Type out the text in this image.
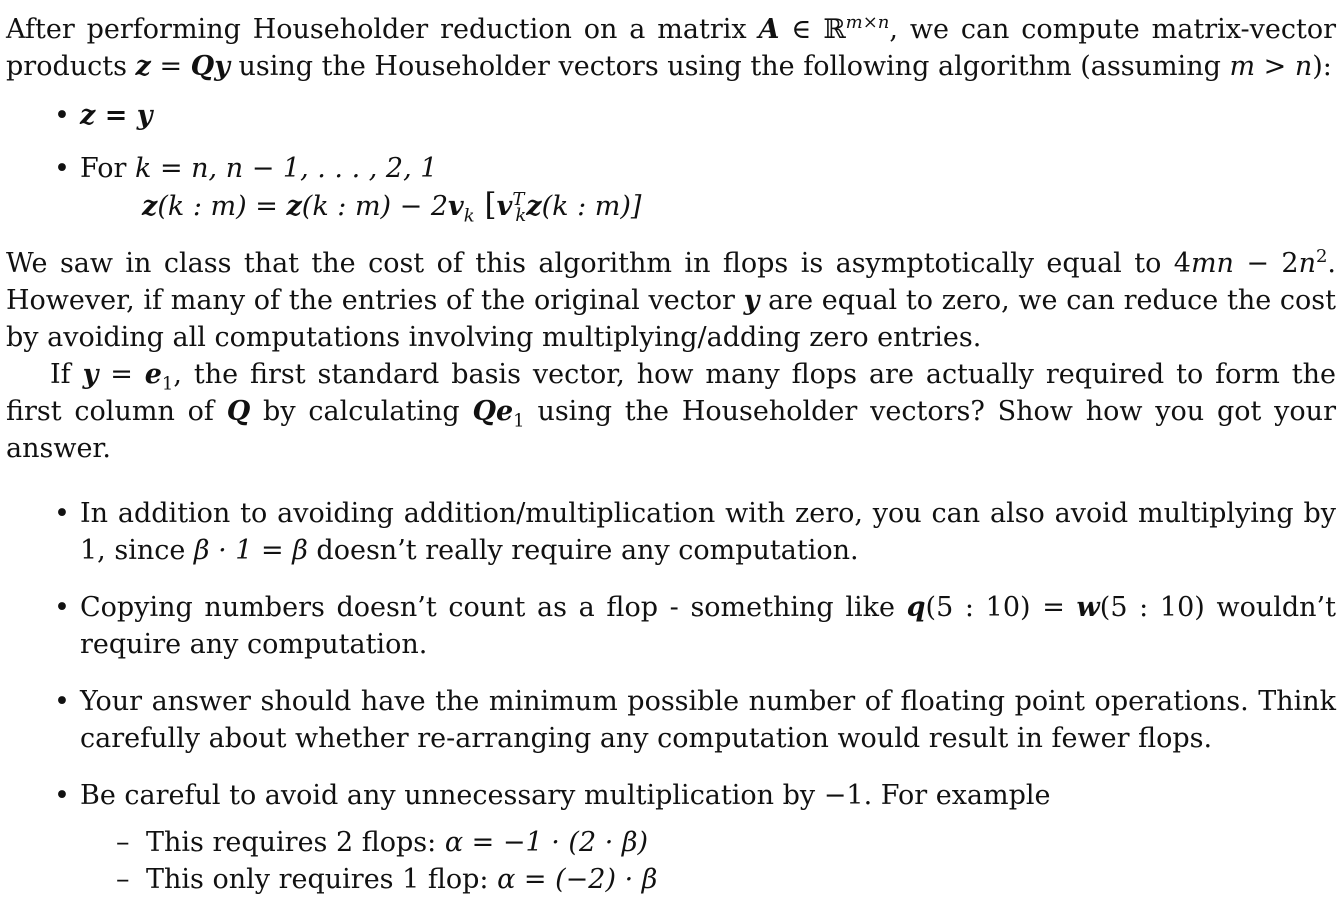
After performing Householder reduction on a matrix A ∈ ℝ$^{m\times n}$, we can compute matrix-vector products z = Qy using the Householder vectors using the following algorithm (assuming m > n):
• z = y
• For k = n, n − 1, . . . , 2, 1
z(k : m) = z(k : $m) - 2v_k$ [$v^T_kz(k$ : m)]
We saw in class that the cost of this algorithm in flops is asymptotically equal to $4mn - 2n^2$. However, if many of the entries of the original vector y are equal to zero, we can reduce the cost by avoiding all computations involving multiplying/adding zero entries.
If $y = e_1$, the first standard basis vector, how many flops are actually required to form the first column of Q by calculating $Qe_1$ using the Householder vectors? Show how you got your answer.
• In addition to avoiding addition/multiplication with zero, you can also avoid multiplying by 1, since β · 1 = β doesn’t really require any computation.
• Copying numbers doesn’t count as a flop - something like q(5 : 10) = w(5 : 10) wouldn’t require any computation.
• Your answer should have the minimum possible number of floating point operations. Think carefully about whether re-arranging any computation would result in fewer flops.
• Be careful to avoid any unnecessary multiplication by −1. For example
– This requires 2 flops: α = −1 · (2 · β)
– This only requires 1 flop: α = (−2) · β
